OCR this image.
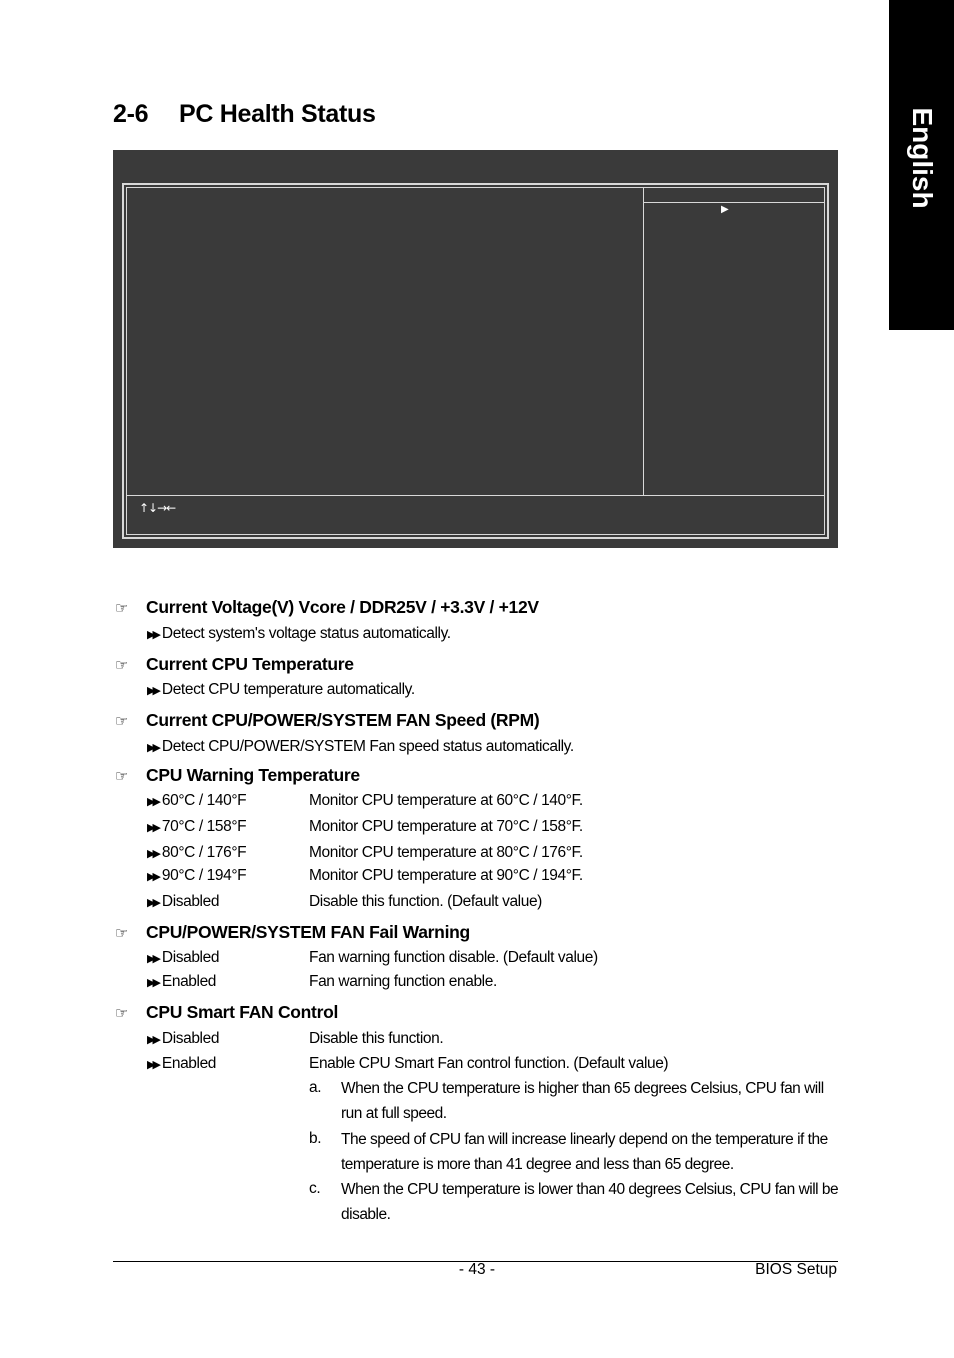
English
2-6 PC Health Status
↑↓→←
▶
☞ Current Voltage(V) Vcore / DDR25V / +3.3V / +12V
▶▶ Detect system's voltage status automatically.
☞ Current CPU Temperature
▶▶ Detect CPU temperature automatically.
☞ Current CPU/POWER/SYSTEM FAN Speed (RPM)
▶▶ Detect CPU/POWER/SYSTEM Fan speed status automatically.
☞ CPU Warning Temperature
▶▶ 60°C / 140°F	Monitor CPU temperature at 60°C / 140°F.
▶▶ 70°C / 158°F	Monitor CPU temperature at 70°C / 158°F.
▶▶ 80°C / 176°F	Monitor CPU temperature at 80°C / 176°F.
▶▶ 90°C / 194°F	Monitor CPU temperature at 90°C / 194°F.
▶▶ Disabled	Disable this function. (Default value)
☞ CPU/POWER/SYSTEM FAN Fail Warning
▶▶ Disabled	Fan warning function disable. (Default value)
▶▶ Enabled	Fan warning function enable.
☞ CPU Smart FAN Control
▶▶ Disabled	Disable this function.
▶▶ Enabled	Enable CPU Smart Fan control function. (Default value)
a. When the CPU temperature is higher than 65 degrees Celsius, CPU fan will run at full speed.
b. The speed of CPU fan will increase linearly depend on the temperature if the temperature is more than 41 degree and less than 65 degree.
c. When the CPU temperature is lower than 40 degrees Celsius, CPU fan will be disable.
- 43 -	BIOS Setup
